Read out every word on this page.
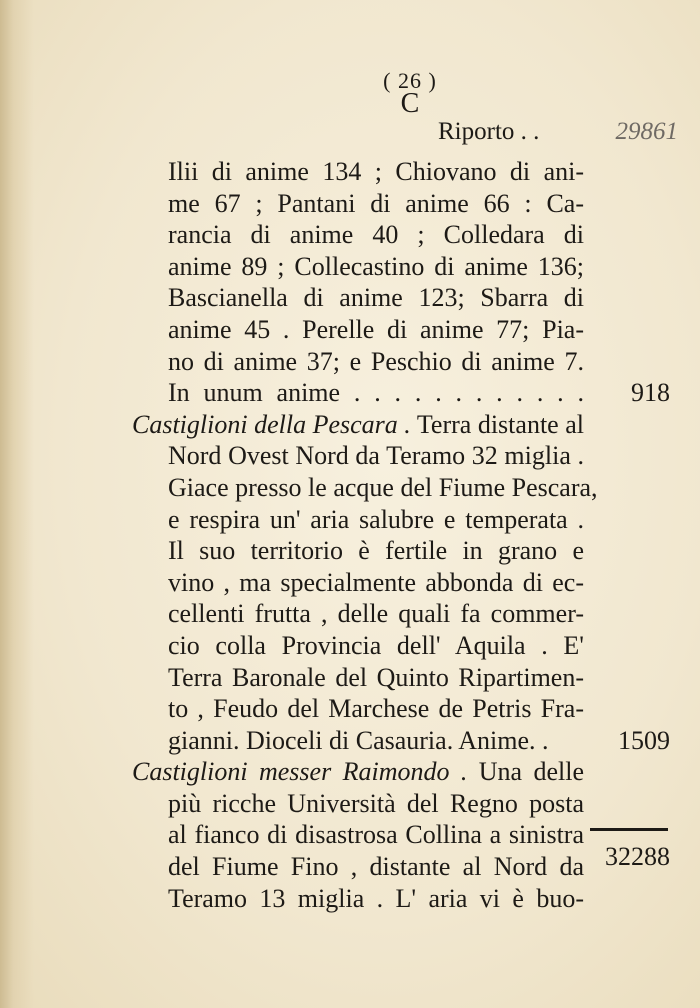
( 26 )
C
Riporto . .	29861
Ilii di anime 134 ; Chiovano di ani-
me 67 ; Pantani di anime 66 : Ca-
rancia di anime 40 ; Colledara di
anime 89 ; Collecastino di anime 136;
Bascianella di anime 123; Sbarra di
anime 45 . Perelle di anime 77; Pia-
no di anime 37; e Peschio di anime 7.
In unum anime . . . . . . . . . . . . 918
Castiglioni della Pescara . Terra distante al
Nord Ovest Nord da Teramo 32 miglia .
Giace presso le acque del Fiume Pescara,
e respira un' aria salubre e temperata .
Il suo territorio è fertile in grano e
vino , ma specialmente abbonda di ec-
cellenti frutta , delle quali fa commer-
cio colla Provincia dell' Aquila . E'
Terra Baronale del Quinto Ripartimen-
to , Feudo del Marchese de Petris Fra-
gianni. Dioceli di Casauria. Anime. .	1509
Castiglioni messer Raimondo . Una delle
più ricche Università del Regno posta
al fianco di disastrosa Collina a sinistra
del Fiume Fino , distante al Nord da
Teramo 13 miglia . L' aria vi è buo-
32288
